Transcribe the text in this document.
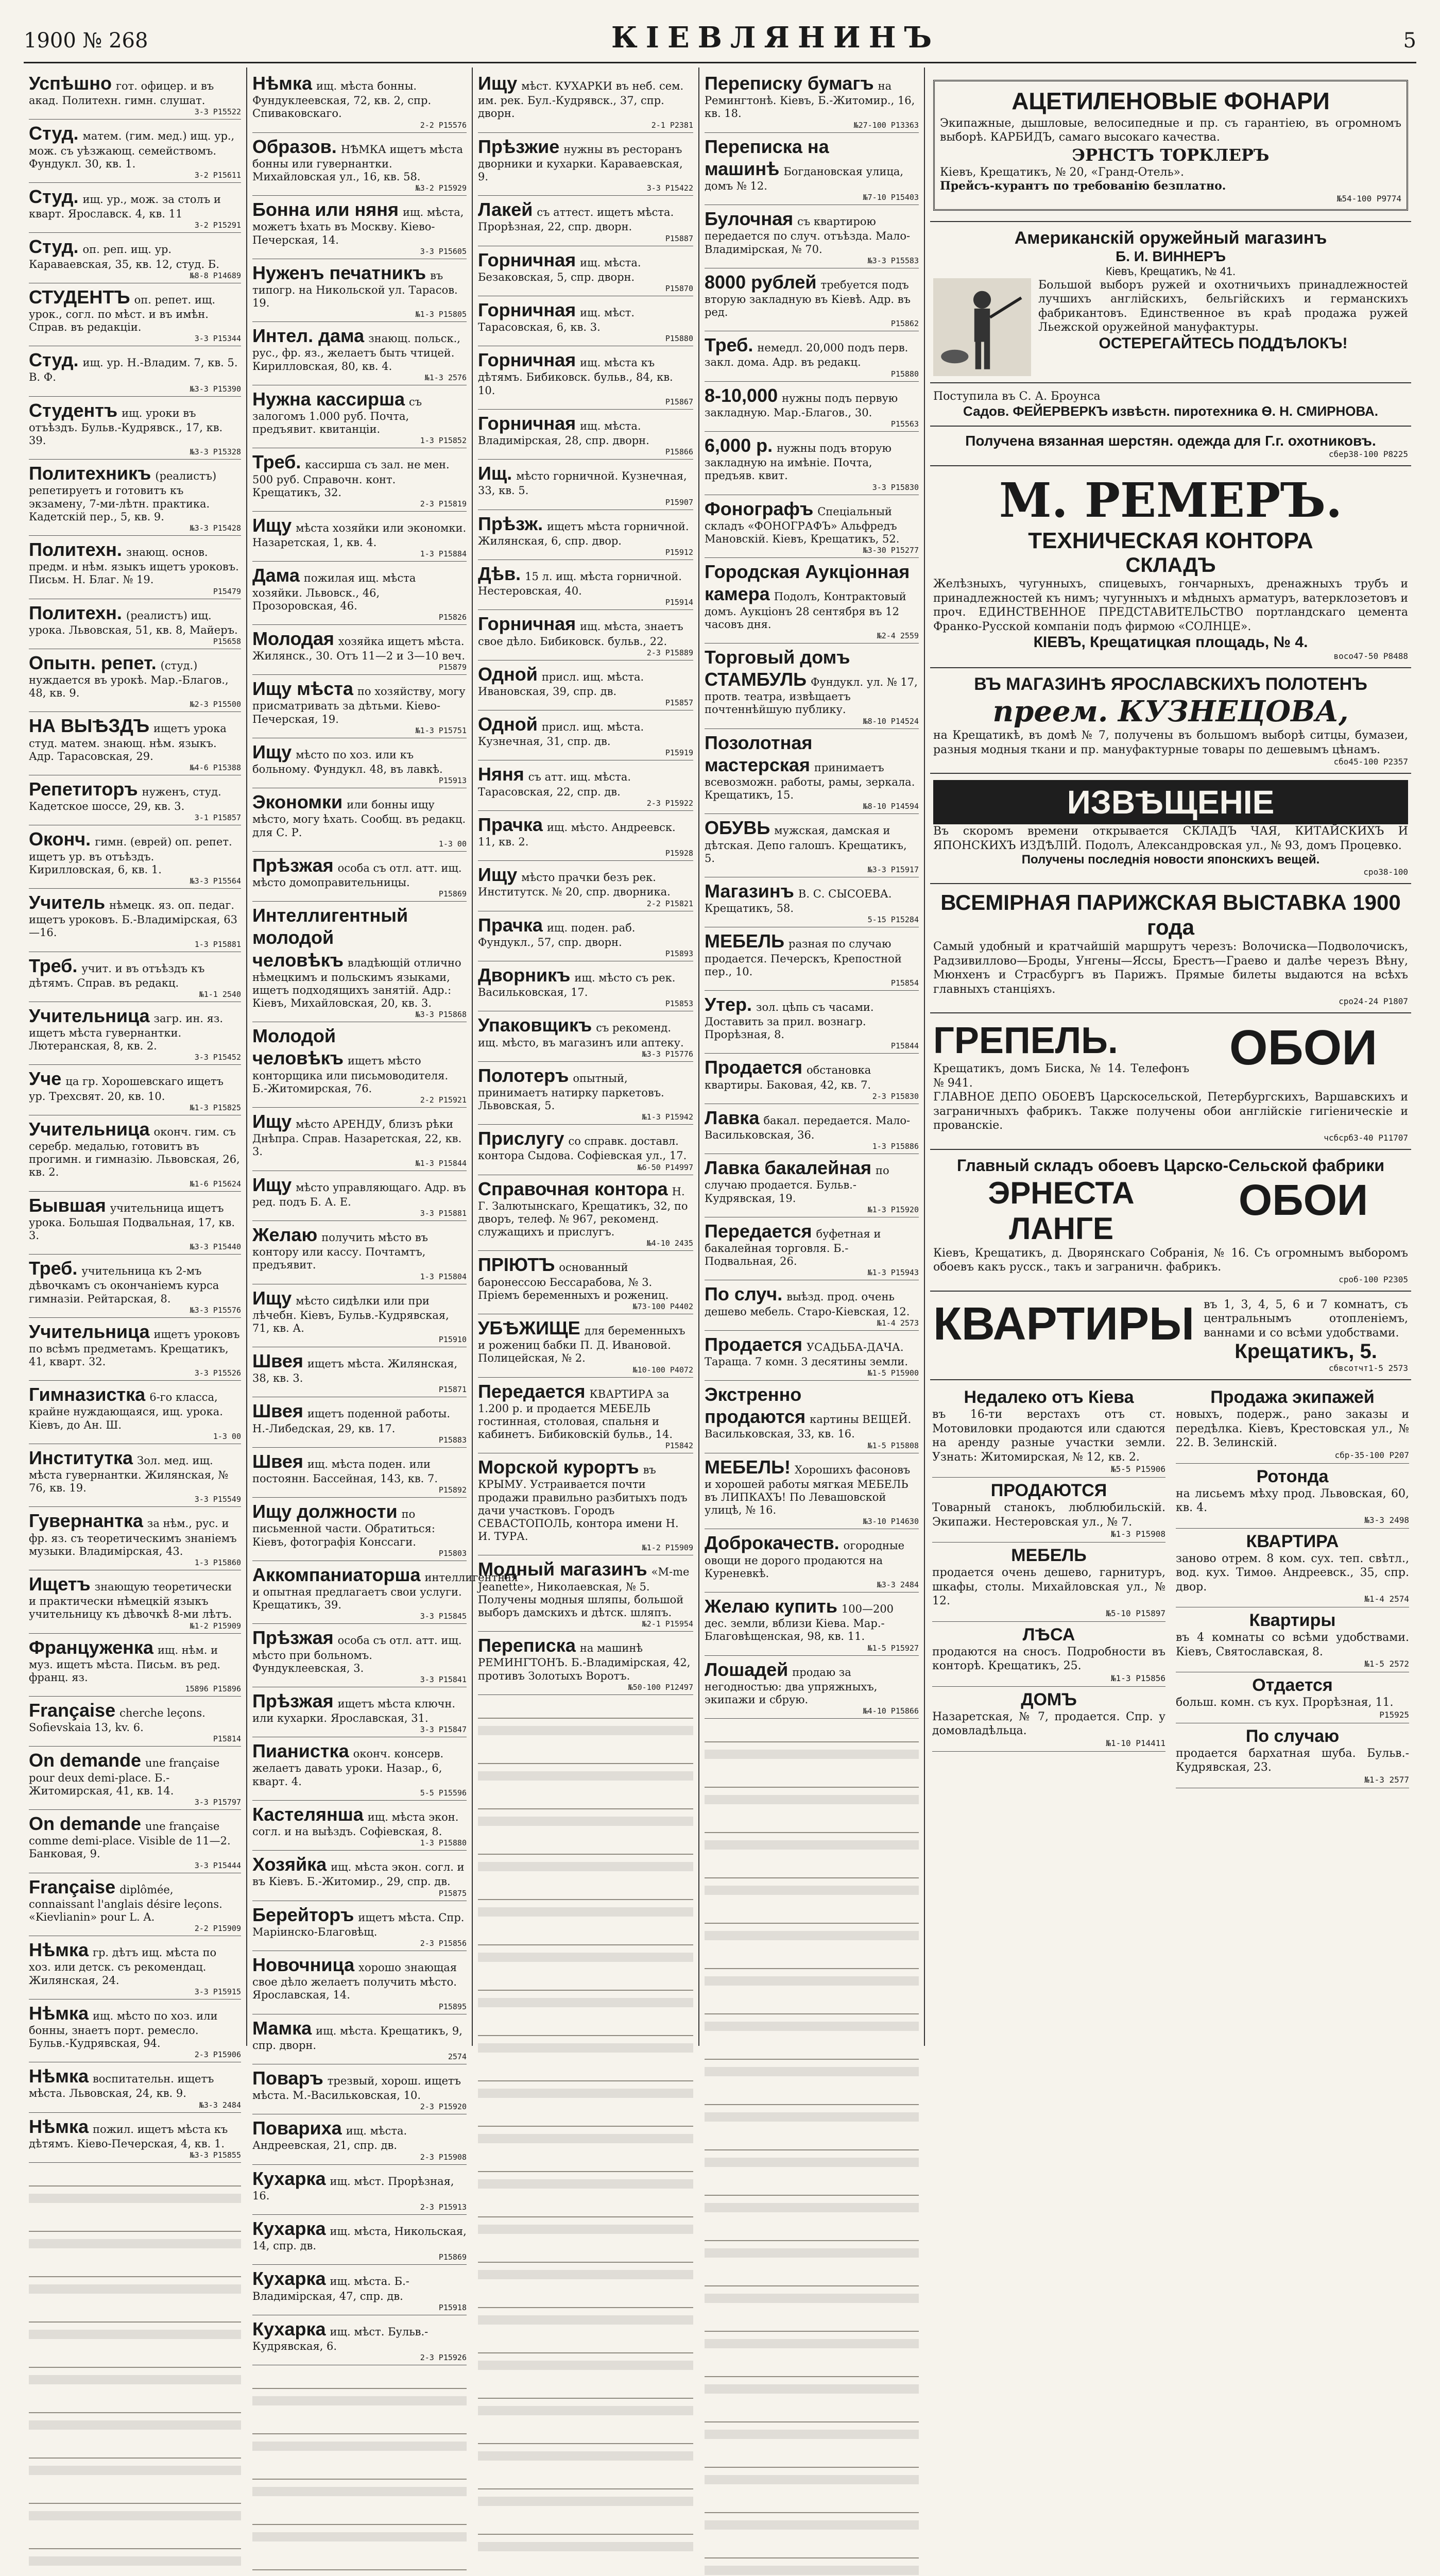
1900 № 268	КІЕВЛЯНИНЪ	5
Успѣшно гот. офицер. и въ акад. Политехн. гимн. слушат.
3-3 Р15522
Студ. матем. (гим. мед.) ищ. ур., мож. съ уѣзжающ. семействомъ. Фундукл. 30, кв. 1.
3-2 Р15611
Студ. ищ. ур., мож. за столъ и кварт. Ярославск. 4, кв. 11
3-2 Р15291
Студ. оп. реп. ищ. ур. Караваевская, 35, кв. 12, студ. Б.
№8-8 Р14689
СТУДЕНТЪ оп. репет. ищ. урок., согл. по мѣст. и въ имѣн. Справ. въ редакціи.
3-3 Р15344
Студ. ищ. ур. Н.-Владим. 7, кв. 5. В. Ф.
№3-3 Р15390
Студентъ ищ. уроки въ отъѣздъ. Бульв.-Кудрявск., 17, кв. 39.
№3-3 Р15328
Политехникъ (реалистъ) репетируетъ и готовитъ къ экзамену, 7-ми-лѣтн. практика. Кадетскій пер., 5, кв. 9.
№3-3 Р15428
Политехн. знающ. основ. предм. и нѣм. языкъ ищетъ уроковъ. Письм. Н. Благ. № 19.
Р15479
Политехн. (реалистъ) ищ. урока. Львовская, 51, кв. 8, Майеръ.
Р15658
Опытн. репет. (студ.) нуждается въ урокѣ. Мар.-Благов., 48, кв. 9.
№2-3 Р15500
НА ВЫѢЗДЪ ищетъ урока студ. матем. знающ. нѣм. языкъ. Адр. Тарасовская, 29.
№4-6 Р15388
Репетиторъ нуженъ, студ. Кадетское шоссе, 29, кв. 3.
3-1 Р15857
Оконч. гимн. (еврей) оп. репет. ищетъ ур. въ отъѣздъ. Кирилловская, 6, кв. 1.
№3-3 Р15564
Учитель нѣмецк. яз. оп. педаг. ищетъ уроковъ. Б.-Владимірская, 63—16.
1-3 Р15881
Треб. учит. и въ отъѣздъ къ дѣтямъ. Справ. въ редакц.
№1-1 2540
Учительница загр. ин. яз. ищетъ мѣста гувернантки. Лютеранская, 8, кв. 2.
3-3 Р15452
Уче ца гр. Хорошевскаго ищетъ ур. Трехсвят. 20, кв. 10.
№1-3 Р15825
Учительница оконч. гим. съ серебр. медалью, готовитъ въ прогимн. и гимназію. Львовская, 26, кв. 2.
№1-6 Р15624
Бывшая учительница ищетъ урока. Большая Подвальная, 17, кв. 3.
№3-3 Р15440
Треб. учительница къ 2-мъ дѣвочкамъ съ окончаніемъ курса гимназіи. Рейтарская, 8.
№3-3 Р15576
Учительница ищетъ уроковъ по всѣмъ предметамъ. Крещатикъ, 41, кварт. 32.
3-3 Р15526
Гимназистка 6-го класса, крайне нуждающаяся, ищ. урока. Кіевъ, до Ан. Ш.
1-3 00
Институтка Зол. мед. ищ. мѣста гувернантки. Жилянская, № 76, кв. 19.
3-3 Р15549
Гувернантка за нѣм., рус. и фр. яз. съ теоретическимъ знаніемъ музыки. Владимірская, 43.
1-3 Р15860
Ищетъ знающую теоретически и практически нѣмецкій языкъ учительницу къ дѣвочкѣ 8-ми лѣтъ.
№1-2 Р15909
Француженка ищ. нѣм. и муз. ищетъ мѣста. Письм. въ ред. франц. яз.
15896 Р15896
Française cherche leçons. Sofievskaia 13, kv. 6.
Р15814
On demande une française pour deux demi-place. Б.-Житомирская, 41, кв. 14.
3-3 Р15797
On demande une française comme demi-place. Visible de 11—2. Банковая, 9.
3-3 Р15444
Française diplômée, connaissant l'anglais désire leçons. «Kievlianin» pour L. A.
2-2 Р15909
Нѣмка гр. дѣтъ ищ. мѣста по хоз. или детск. съ рекомендац. Жилянская, 24.
3-3 Р15915
Нѣмка ищ. мѣсто по хоз. или бонны, знаетъ порт. ремесло. Бульв.-Кудрявская, 94.
2-3 Р15906
Нѣмка воспитательн. ищетъ мѣста. Львовская, 24, кв. 9.
№3-3 2484
Нѣмка пожил. ищетъ мѣста къ дѣтямъ. Кіево-Печерская, 4, кв. 1.
№3-3 Р15855
Нѣмка ищ. мѣста бонны. Фундуклеевская, 72, кв. 2, спр. Спиваковскаго.
2-2 Р15576
Образов. НѢМКА ищетъ мѣста бонны или гувернантки. Михайловская ул., 16, кв. 58.
№3-2 Р15929
Бонна или няня ищ. мѣста, можетъ ѣхать въ Москву. Кіево-Печерская, 14.
3-3 Р15605
Нуженъ печатникъ въ типогр. на Никольской ул. Тарасов. 19.
№1-3 Р15805
Интел. дама знающ. польск., рус., фр. яз., желаетъ быть чтицей. Кирилловская, 80, кв. 4.
№1-3 2576
Нужна кассирша съ залогомъ 1.000 руб. Почта, предъявит. квитанціи.
1-3 Р15852
Треб. кассирша съ зал. не мен. 500 руб. Справочн. конт. Крещатикъ, 32.
2-3 Р15819
Ищу мѣста хозяйки или экономки. Назаретская, 1, кв. 4.
1-3 Р15884
Дама пожилая ищ. мѣста хозяйки. Львовск., 46, Прозоровская, 46.
Р15826
Молодая хозяйка ищетъ мѣста. Жилянск., 30. Отъ 11—2 и 3—10 веч.
Р15879
Ищу мѣста по хозяйству, могу присматривать за дѣтьми. Кіево-Печерская, 19.
№1-3 Р15751
Ищу мѣсто по хоз. или къ больному. Фундукл. 48, въ лавкѣ.
Р15913
Экономки или бонны ищу мѣсто, могу ѣхать. Сообщ. въ редакц. для С. Р.
1-3 00
Прѣзжая особа съ отл. атт. ищ. мѣсто домоправительницы.
Р15869
Интеллигентный молодой человѣкъ владѣющій отлично нѣмецкимъ и польскимъ языками, ищетъ подходящихъ занятій. Адр.: Кіевъ, Михайловская, 20, кв. 3.
№3-3 Р15868
Молодой человѣкъ ищетъ мѣсто конторщика или письмоводителя. Б.-Житомирская, 76.
2-2 Р15921
Ищу мѣсто АРЕНДУ, близъ рѣки Днѣпра. Справ. Назаретская, 22, кв. 3.
№1-3 Р15844
Ищу мѣсто управляющаго. Адр. въ ред. подъ Б. А. Е.
3-3 Р15881
Желаю получить мѣсто въ контору или кассу. Почтамтъ, предъявит.
1-3 Р15804
Ищу мѣсто сидѣлки или при лѣчебн. Кіевъ, Бульв.-Кудрявская, 71, кв. А.
Р15910
Швея ищетъ мѣста. Жилянская, 38, кв. 3.
Р15871
Швея ищетъ поденной работы. Н.-Либедская, 29, кв. 17.
Р15883
Швея ищ. мѣста поден. или постоянн. Бассейная, 143, кв. 7.
Р15892
Ищу должности по письменной части. Обратиться: Кіевъ, фотографія Конссаги.
Р15803
Аккомпаниаторша интеллигентная и опытная предлагаетъ свои услуги. Крещатикъ, 39.
3-3 Р15845
Прѣзжая особа съ отл. атт. ищ. мѣсто при больномъ. Фундуклеевская, 3.
3-3 Р15841
Прѣзжая ищетъ мѣста ключн. или кухарки. Ярославская, 31.
3-3 Р15847
Пианистка оконч. консерв. желаетъ давать уроки. Назар., 6, кварт. 4.
5-5 Р15596
Кастелянша ищ. мѣста экон. согл. и на выѣздъ. Софіевская, 8.
1-3 Р15880
Хозяйка ищ. мѣста экон. согл. и въ Кіевъ. Б.-Житомир., 29, спр. дв.
Р15875
Берейторъ ищетъ мѣста. Спр. Маріинско-Благовѣщ.
2-3 Р15856
Новочница хорошо знающая свое дѣло желаетъ получить мѣсто. Ярославская, 14.
Р15895
Мамка ищ. мѣста. Крещатикъ, 9, спр. дворн.
2574
Поваръ трезвый, хорош. ищетъ мѣста. М.-Васильковская, 10.
2-3 Р15920
Повариха ищ. мѣста. Андреевская, 21, спр. дв.
2-3 Р15908
Кухарка ищ. мѣст. Прорѣзная, 16.
2-3 Р15913
Кухарка ищ. мѣста, Никольская, 14, спр. дв.
Р15869
Кухарка ищ. мѣста. Б.-Владимірская, 47, спр. дв.
Р15918
Кухарка ищ. мѣст. Бульв.-Кудрявская, 6.
2-3 Р15926
Ищу мѣст. КУХАРКИ въ неб. сем. им. рек. Бул.-Кудрявск., 37, спр. дворн.
2-1 Р2381
Прѣзжие нужны въ ресторанъ дворники и кухарки. Караваевская, 9.
3-3 Р15422
Лакей съ аттест. ищетъ мѣста. Прорѣзная, 22, спр. дворн.
Р15887
Горничная ищ. мѣста. Безаковская, 5, спр. дворн.
Р15870
Горничная ищ. мѣст. Тарасовская, 6, кв. 3.
Р15880
Горничная ищ. мѣста къ дѣтямъ. Бибиковск. бульв., 84, кв. 10.
Р15867
Горничная ищ. мѣста. Владимірская, 28, спр. дворн.
Р15866
Ищ. мѣсто горничной. Кузнечная, 33, кв. 5.
Р15907
Прѣзж. ищетъ мѣста горничной. Жилянская, 6, спр. двор.
Р15912
Дѣв. 15 л. ищ. мѣста горничной. Нестеровская, 40.
Р15914
Горничная ищ. мѣста, знаетъ свое дѣло. Бибиковск. бульв., 22.
2-3 Р15889
Одной присл. ищ. мѣста. Ивановская, 39, спр. дв.
Р15857
Одной присл. ищ. мѣста. Кузнечная, 31, спр. дв.
Р15919
Няня съ атт. ищ. мѣста. Тарасовская, 22, спр. дв.
2-3 Р15922
Прачка ищ. мѣсто. Андреевск. 11, кв. 2.
Р15928
Ищу мѣсто прачки безъ рек. Институтск. № 20, спр. дворника.
2-2 Р15821
Прачка ищ. поден. раб. Фундукл., 57, спр. дворн.
Р15893
Дворникъ ищ. мѣсто съ рек. Васильковская, 17.
Р15853
Упаковщикъ съ рекоменд. ищ. мѣсто, въ магазинъ или аптеку.
№3-3 Р15776
Полотеръ опытный, принимаетъ натирку паркетовъ. Львовская, 5.
№1-3 Р15942
Прислугу со справк. доставл. контора Сыдова. Софіевская ул., 17.
№6-50 Р14997
Справочная контора Н. Г. Залютынскаго, Крещатикъ, 32, по дворъ, телеф. № 967, рекоменд. служащихъ и прислугъ.
№4-10 2435
ПРІЮТЪ основанный баронессою Бессарабова, № 3. Пріемъ беременныхъ и рожениц.
№73-100 Р4402
УБѢЖИЩЕ для беременныхъ и рожениц бабки П. Д. Ивановой. Полицейская, № 2.
№10-100 Р4072
Передается КВАРТИРА за 1.200 р. и продается МЕБЕЛЬ гостинная, столовая, спальня и кабинетъ. Бибиковскій бульв., 14.
Р15842
Морской курортъ въ КРЫМУ. Устраивается почти продажи правильно разбитыхъ подъ дачи участковъ. Городъ СЕВАСТОПОЛЬ, контора имени Н. И. ТУРА.
№1-2 Р15909
Модный магазинъ «M-me Jeanette», Николаевская, № 5. Получены модныя шляпы, большой выборъ дамскихъ и дѣтск. шляпъ.
№2-1 Р15954
Переписка на машинѣ РЕМИНГТОНЪ. Б.-Владимірская, 42, противъ Золотыхъ Воротъ.
№50-100 Р12497
Переписку бумагъ на Ремингтонѣ. Кіевъ, Б.-Житомир., 16, кв. 18.
№27-100 Р13363
Переписка на машинѣ Богдановская улица, домъ № 12.
№7-10 Р15403
Булочная съ квартирою передается по случ. отъѣзда. Мало-Владимірская, № 70.
№3-3 Р15583
8000 рублей требуется подъ вторую закладную въ Кіевѣ. Адр. въ ред.
Р15862
Треб. немедл. 20,000 подъ перв. закл. дома. Адр. въ редакц.
Р15880
8-10,000 нужны подъ первую закладную. Мар.-Благов., 30.
Р15563
6,000 р. нужны подъ вторую закладную на имѣніе. Почта, предъяв. квит.
3-3 Р15830
Фонографъ Спеціальный складъ «ФОНОГРАФЪ» Альфредъ Мановскій. Кіевъ, Крещатикъ, 52.
№3-30 Р15277
Городская Аукціонная камера Подолъ, Контрактовый домъ. Аукціонъ 28 сентября въ 12 часовъ дня.
№2-4 2559
Торговый домъ СТАМБУЛЬ Фундукл. ул. № 17, протв. театра, извѣщаетъ почтеннѣйшую публику.
№8-10 Р14524
Позолотная мастерская принимаетъ всевозможн. работы, рамы, зеркала. Крещатикъ, 15.
№8-10 Р14594
ОБУВЬ мужская, дамская и дѣтская. Депо галошъ. Крещатикъ, 5.
№3-3 Р15917
Магазинъ В. С. СЫСОЕВА. Крещатикъ, 58.
5-15 Р15284
МЕБЕЛЬ разная по случаю продается. Печерскъ, Крепостной пер., 10.
Р15854
Утер. зол. цѣпь съ часами. Доставить за прил. вознагр. Прорѣзная, 8.
Р15844
Продается обстановка квартиры. Баковая, 42, кв. 7.
2-3 Р15830
Лавка бакал. передается. Мало-Васильковская, 36.
1-3 Р15886
Лавка бакалейная по случаю продается. Бульв.-Кудрявская, 19.
№1-3 Р15920
Передается буфетная и бакалейная торговля. Б.-Подвальная, 26.
№1-3 Р15943
По случ. выѣзд. прод. очень дешево мебель. Старо-Кіевская, 12.
№1-4 2573
Продается УСАДЬБА-ДАЧА. Тараща. 7 комн. 3 десятины земли.
№1-5 Р15900
Экстренно продаются картины ВЕЩЕЙ. Васильковская, 33, кв. 16.
№1-5 Р15808
МЕБЕЛЬ! Хорошихъ фасоновъ и хорошей работы мягкая МЕБЕЛЬ въ ЛИПКАХЪ! По Левашовской улицѣ, № 16.
№3-10 Р14630
Доброкачеств. огородные овощи не дорого продаются на Куреневкѣ.
№3-3 2484
Желаю купить 100—200 дес. земли, вблизи Кіева. Мар.-Благовѣщенская, 98, кв. 11.
№1-5 Р15927
Лошадей продаю за негодностью: два упряжныхъ, экипажи и сбрую.
№4-10 Р15866
АЦЕТИЛЕНОВЫЕ ФОНАРИ
Экипажные, дышловые, велосипедные и пр. съ гарантіею, въ огромномъ выборѣ. КАРБИДЪ, самаго высокаго качества.
ЭРНСТЪ ТОРКЛЕРЪ
Кіевъ, Крещатикъ, № 20, «Гранд-Отель».
Прейсъ-курантъ по требованію безплатно.
№54-100 Р9774
Американскій оружейный магазинъ
Б. И. ВИННЕРЪ
Кіевъ, Крещатикъ, № 41.
Большой выборъ ружей и охотничьихъ принадлежностей лучшихъ англійскихъ, бельгійскихъ и германскихъ фабрикантовъ. Единственное въ краѣ продажа ружей Льежской оружейной мануфактуры.
ОСТЕРЕГАЙТЕСЬ ПОДДѢЛОКЪ!
Поступила въ С. А. Броунса
Садов. ФЕЙЕРВЕРКЪ извѣстн. пиротехника Ѳ. Н. СМИРНОВА.
Получена вязанная шерстян. одежда для Г.г. охотниковъ.
сбер38-100 Р8225
М. РЕМЕРЪ.
ТЕХНИЧЕСКАЯ КОНТОРА
СКЛАДЪ
Желѣзныхъ, чугунныхъ, спицевыхъ, гончарныхъ, дренажныхъ трубъ и принадлежностей къ нимъ; чугунныхъ и мѣдныхъ арматуръ, ватерклозетовъ и проч. ЕДИНСТВЕННОЕ ПРЕДСТАВИТЕЛЬСТВО портландскаго цемента Франко-Русской компаніи подъ фирмою «СОЛНЦЕ».
КІЕВЪ, Крещатицкая площадь, № 4.
восо47-50 Р8488
ВЪ МАГАЗИНѢ ЯРОСЛАВСКИХЪ ПОЛОТЕНЪ
преем. КУЗНЕЦОВА,
на Крещатикѣ, въ домѣ № 7, получены въ большомъ выборѣ ситцы, бумазеи, разныя модныя ткани и пр. мануфактурные товары по дешевымъ цѣнамъ.
сбо45-100 Р2357
ИЗВѢЩЕНІЕ
Въ скоромъ времени открывается СКЛАДЪ ЧАЯ, КИТАЙСКИХЪ И ЯПОНСКИХЪ ИЗДѢЛІЙ. Подолъ, Александровская ул., № 93, домъ Процевко.
Получены последнія новости японскихъ вещей.
сро38-100
ВСЕМІРНАЯ ПАРИЖСКАЯ ВЫСТАВКА 1900 года
Самый удобный и кратчайшій маршрутъ черезъ: Волочиска—Подволочискъ, Радзивиллово—Броды, Унгены—Яссы, Брестъ—Граево и далѣе черезъ Вѣну, Мюнхенъ и Страсбургъ въ Парижъ. Прямые билеты выдаются на всѣхъ главныхъ станціяхъ.
сро24-24 Р1807
ГРЕПЕЛЬ.
Крещатикъ, домъ Биска, № 14. Телефонъ № 941.
ОБОИ
ГЛАВНОЕ ДЕПО ОБОЕВЪ Царскосельской, Петербургскихъ, Варшавскихъ и заграничныхъ фабрикъ. Также получены обои англійскіе гигіеническіе и прованскіе.
чсбсрб3-40 Р11707
Главный складъ обоевъ Царско-Сельской фабрики
ЭРНЕСТА ЛАНГЕ
ОБОИ
Кіевъ, Крещатикъ, д. Дворянскаго Собранія, № 16. Съ огромнымъ выборомъ обоевъ какъ русск., такъ и заграничн. фабрикъ.
сроб-100 Р2305
КВАРТИРЫ въ 1, 3, 4, 5, 6 и 7 комнатъ, съ центральнымъ отопленіемъ, ваннами и со всѣми удобствами.
Крещатикъ, 5.
сбвсотчт1-5 2573
Недалеко отъ Кіева
въ 16-ти верстахъ отъ ст. Мотовиловки продаются или сдаются на аренду разные участки земли. Узнать: Житомирская, № 12, кв. 2.
№5-5 Р15906
ПРОДАЮТСЯ
Товарный станокъ, люблюбильскій. Экипажи. Нестеровская ул., № 7.
№1-3 Р15908
МЕБЕЛЬ
продается очень дешево, гарнитуръ, шкафы, столы. Михайловская ул., № 12.
№5-10 Р15897
ЛѢСА
продаются на сносъ. Подробности въ конторѣ. Крещатикъ, 25.
№1-3 Р15856
ДОМЪ
Назаретская, № 7, продается. Спр. у домовладѣльца.
№1-10 Р14411
Продажа экипажей
новыхъ, подерж., рано заказы и передѣлка. Кіевъ, Крестовская ул., № 22. В. Зелинскій.
сбр-35-100 Р207
Ротонда
на лисьемъ мѣху прод. Львовская, 60, кв. 4.
№3-3 2498
КВАРТИРА
заново отрем. 8 ком. сух. теп. свѣтл., вод. кух. Тимоѳ. Андреевск., 35, спр. двор.
№1-4 2574
Квартиры
въ 4 комнаты со всѣми удобствами. Кіевъ, Святославская, 8.
№1-5 2572
Отдается
больш. комн. съ кух. Прорѣзная, 11.
Р15925
По случаю
продается бархатная шуба. Бульв.-Кудрявская, 23.
№1-3 2577
